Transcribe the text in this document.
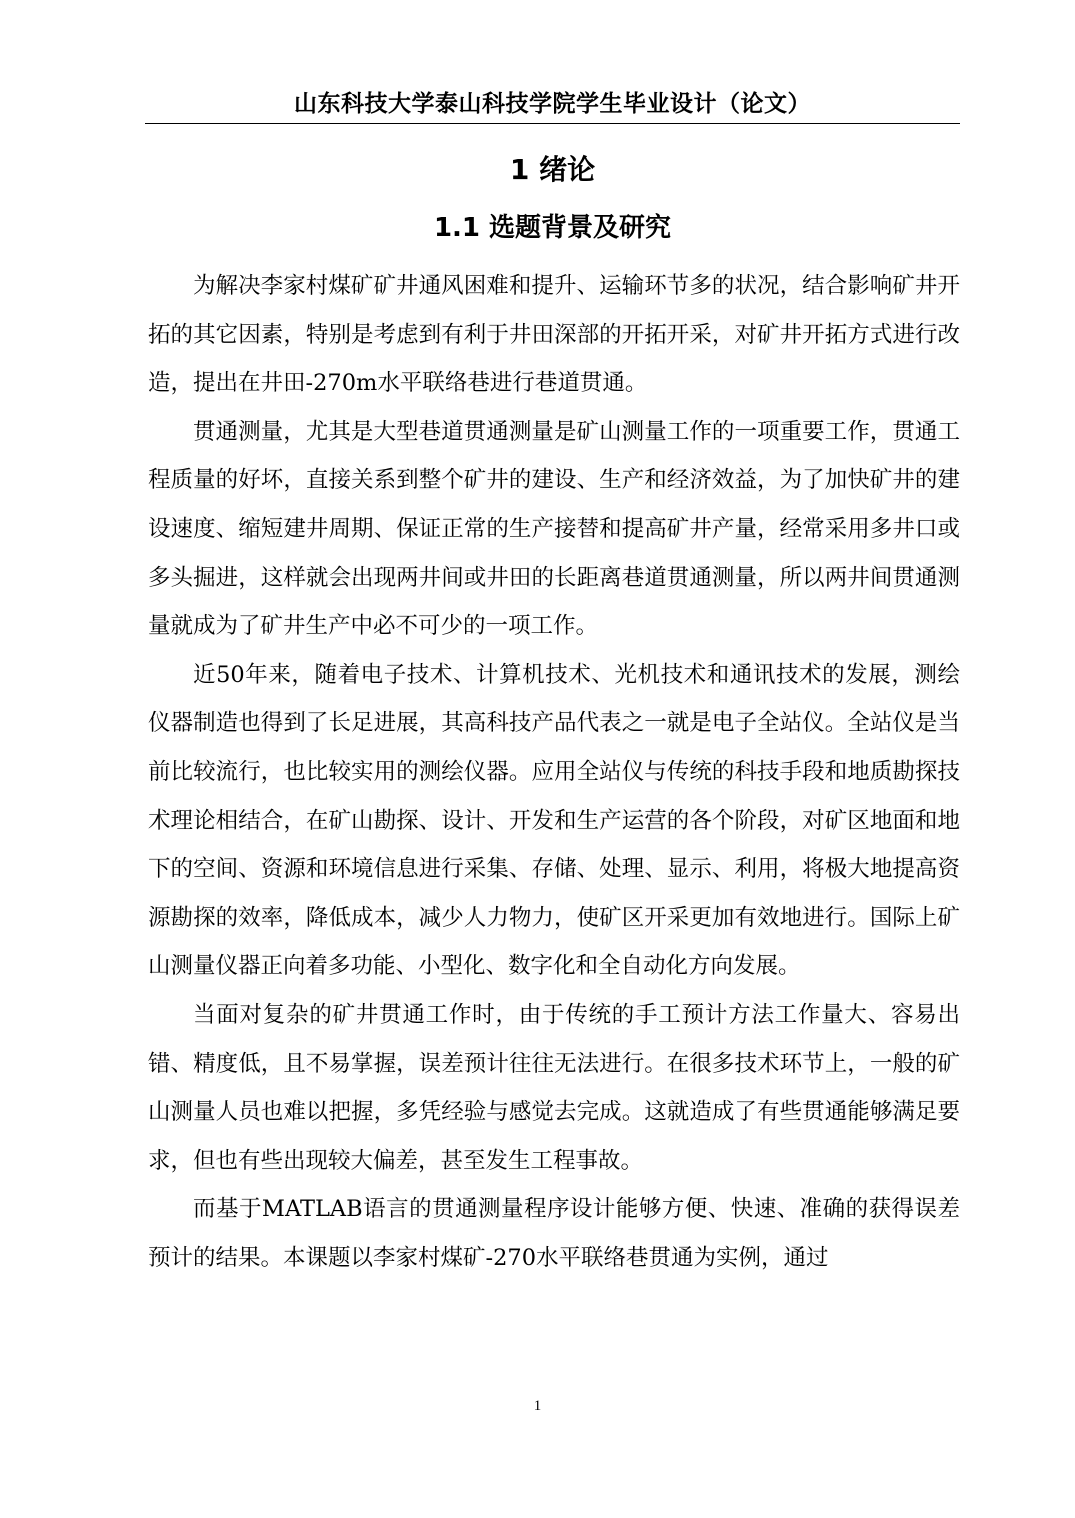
山东科技大学泰山科技学院学生毕业设计（论文）
1 绪论
1.1 选题背景及研究

为解决李家村煤矿矿井通风困难和提升、运输环节多的状况，结合影响矿井开拓的其它因素，特别是考虑到有利于井田深部的开拓开采，对矿井开拓方式进行改造，提出在井田-270m水平联络巷进行巷道贯通。

贯通测量，尤其是大型巷道贯通测量是矿山测量工作的一项重要工作，贯通工程质量的好坏，直接关系到整个矿井的建设、生产和经济效益，为了加快矿井的建设速度、缩短建井周期、保证正常的生产接替和提高矿井产量，经常采用多井口或多头掘进，这样就会出现两井间或井田的长距离巷道贯通测量，所以两井间贯通测量就成为了矿井生产中必不可少的一项工作。

近50年来，随着电子技术、计算机技术、光机技术和通讯技术的发展，测绘仪器制造也得到了长足进展，其高科技产品代表之一就是电子全站仪。全站仪是当前比较流行，也比较实用的测绘仪器。应用全站仪与传统的科技手段和地质勘探技术理论相结合，在矿山勘探、设计、开发和生产运营的各个阶段，对矿区地面和地下的空间、资源和环境信息进行采集、存储、处理、显示、利用，将极大地提高资源勘探的效率，降低成本，减少人力物力，使矿区开采更加有效地进行。国际上矿山测量仪器正向着多功能、小型化、数字化和全自动化方向发展。

当面对复杂的矿井贯通工作时，由于传统的手工预计方法工作量大、容易出错、精度低，且不易掌握，误差预计往往无法进行。在很多技术环节上，一般的矿山测量人员也难以把握，多凭经验与感觉去完成。这就造成了有些贯通能够满足要求，但也有些出现较大偏差，甚至发生工程事故。

而基于MATLAB语言的贯通测量程序设计能够方便、快速、准确的获得误差预计的结果。本课题以李家村煤矿-270水平联络巷贯通为实例，通过

1
